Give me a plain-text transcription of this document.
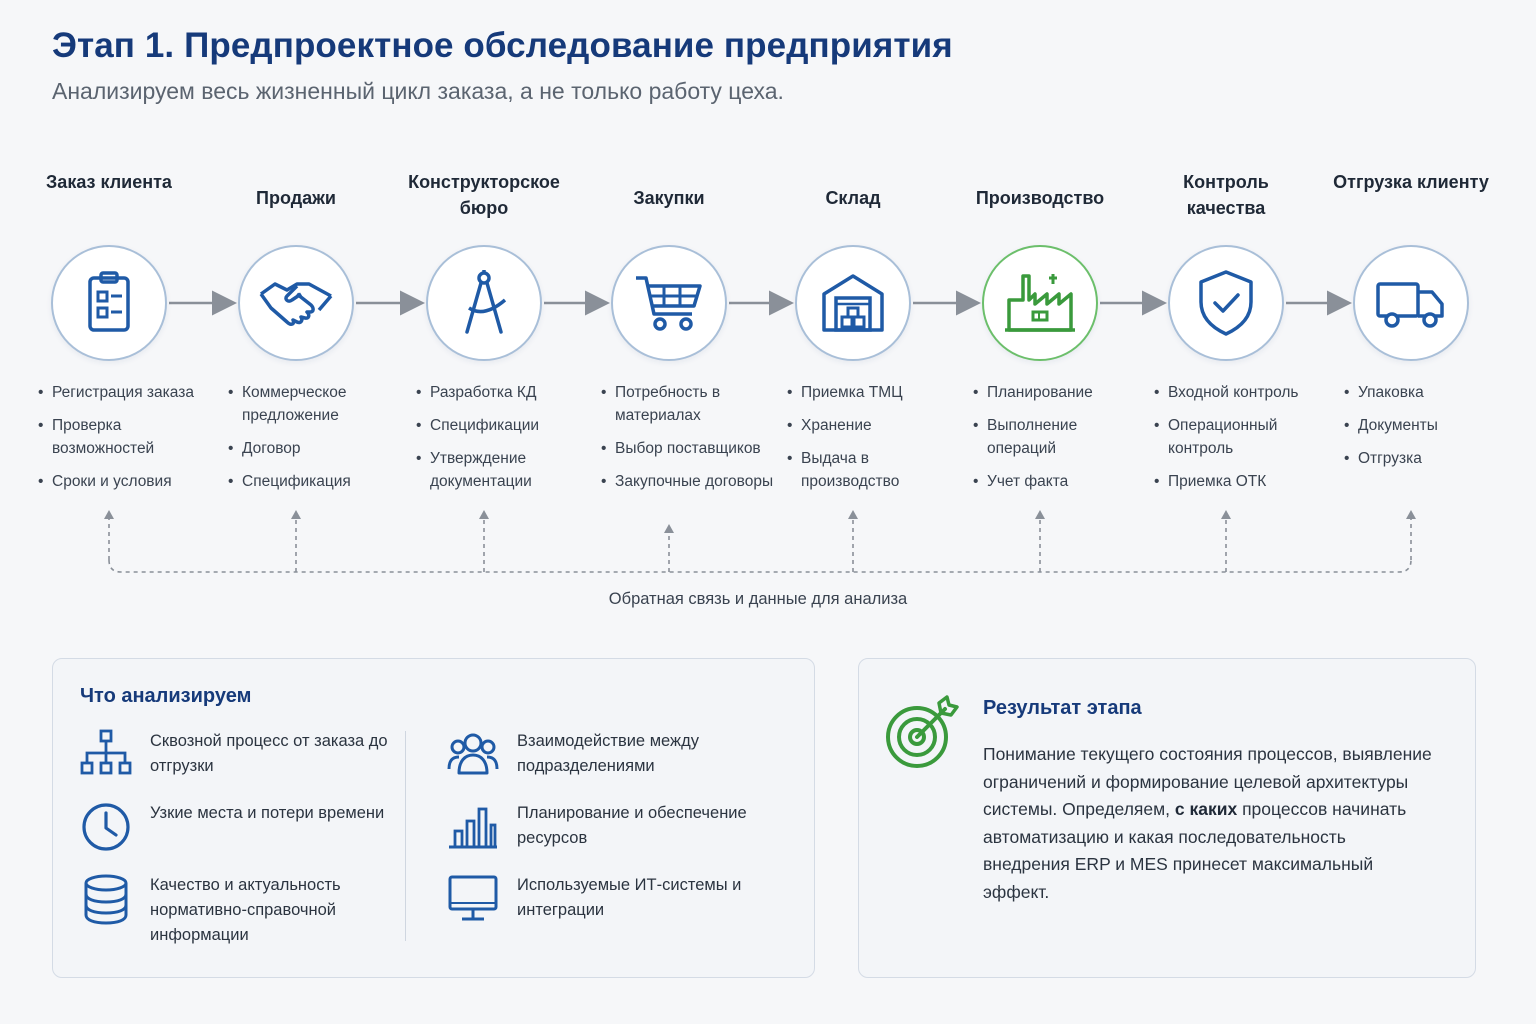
Этап 1. Предпроектное обследование предприятия
Анализируем весь жизненный цикл заказа, а не только работу цеха.
Заказ клиента
• Регистрация заказа
• Проверка возможностей
• Сроки и условия
Продажи
• Коммерческое предложение
• Договор
• Спецификация
Конструкторское бюро
• Разработка КД
• Спецификации
• Утверждение документации
Закупки
• Потребность в материалах
• Выбор поставщиков
• Закупочные договоры
Склад
• Приемка ТМЦ
• Хранение
• Выдача в производство
Производство
• Планирование
• Выполнение операций
• Учет факта
Контроль качества
• Входной контроль
• Операционный контроль
• Приемка ОТК
Отгрузка клиенту
• Упаковка
• Документы
• Отгрузка
Обратная связь и данные для анализа
Что анализируем
Сквозной процесс от заказа до отгрузки
Узкие места и потери времени
Качество и актуальность нормативно-справочной информации
Взаимодействие между подразделениями
Планирование и обеспечение ресурсов
Используемые ИТ-системы и интеграции
Результат этапа
Понимание текущего состояния процессов, выявление ограничений и формирование целевой архитектуры системы. Определяем, с каких процессов начинать автоматизацию и какая последовательность внедрения ERP и MES принесет максимальный эффект.
